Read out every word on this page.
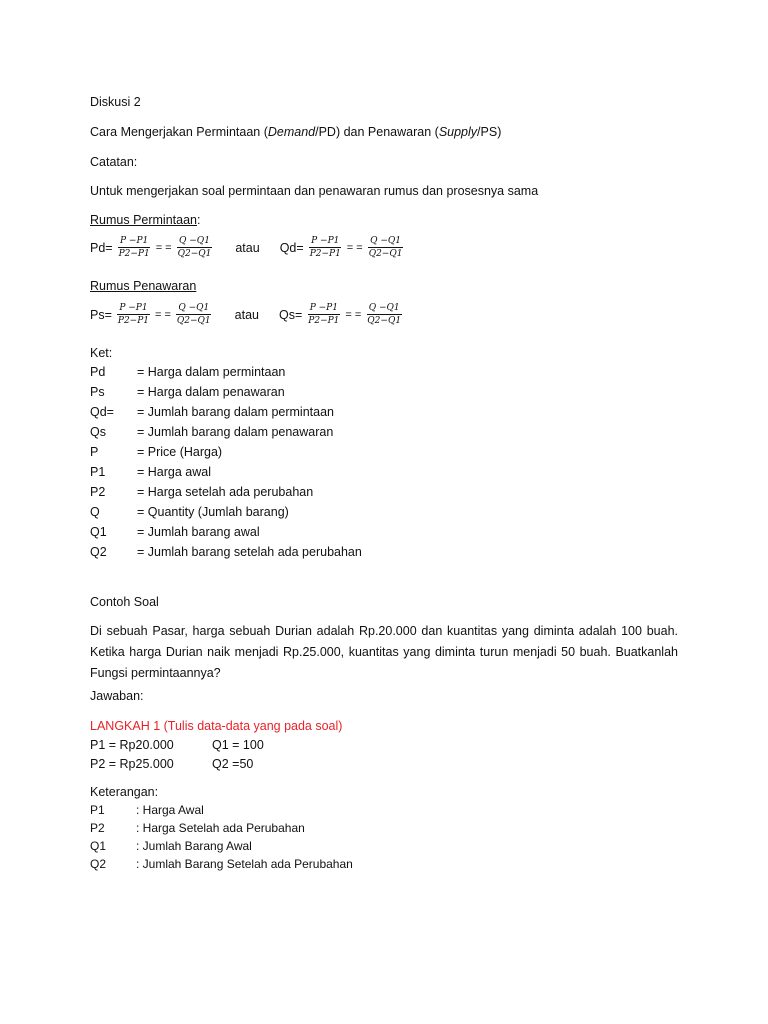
Diskusi 2
Cara Mengerjakan Permintaan (Demand/PD) dan Penawaran (Supply/PS)
Catatan:
Untuk mengerjakan soal permintaan dan penawaran rumus dan prosesnya sama
Rumus Permintaan:
$Pd= \frac{P -P1}{P2-P1}$ = = $\frac{Q -Q1}{Q2-Q1}$ atau $Qd= \frac{P -P1}{P2-P1}$ = = $\frac{Q -Q1}{Q2-Q1}$
Rumus Penawaran
$Ps= \frac{P -P1}{P2-P1}$ = = $\frac{Q -Q1}{Q2-Q1}$ atau $Qs= \frac{P -P1}{P2-P1}$ = = $\frac{Q -Q1}{Q2-Q1}$
Ket:
Pd	= Harga dalam permintaan
Ps	= Harga dalam penawaran
Qd= = Jumlah barang dalam permintaan
Qs = Jumlah barang dalam penawaran
P	= Price (Harga)
P1	= Harga awal
P2	= Harga setelah ada perubahan
Q	= Quantity (Jumlah barang)
Q1 = Jumlah barang awal
Q2 = Jumlah barang setelah ada perubahan
Contoh Soal
Di sebuah Pasar, harga sebuah Durian adalah Rp.20.000 dan kuantitas yang diminta adalah 100 buah. Ketika harga Durian naik menjadi Rp.25.000, kuantitas yang diminta turun menjadi 50 buah. Buatkanlah Fungsi permintaannya?
Jawaban:
LANGKAH 1 (Tulis data-data yang pada soal)
P1 = Rp20.000	Q1 = 100
P2 = Rp25.000	Q2 =50
Keterangan:
P1	: Harga Awal
P2	: Harga Setelah ada Perubahan
Q1 : Jumlah Barang Awal
Q2 : Jumlah Barang Setelah ada Perubahan
